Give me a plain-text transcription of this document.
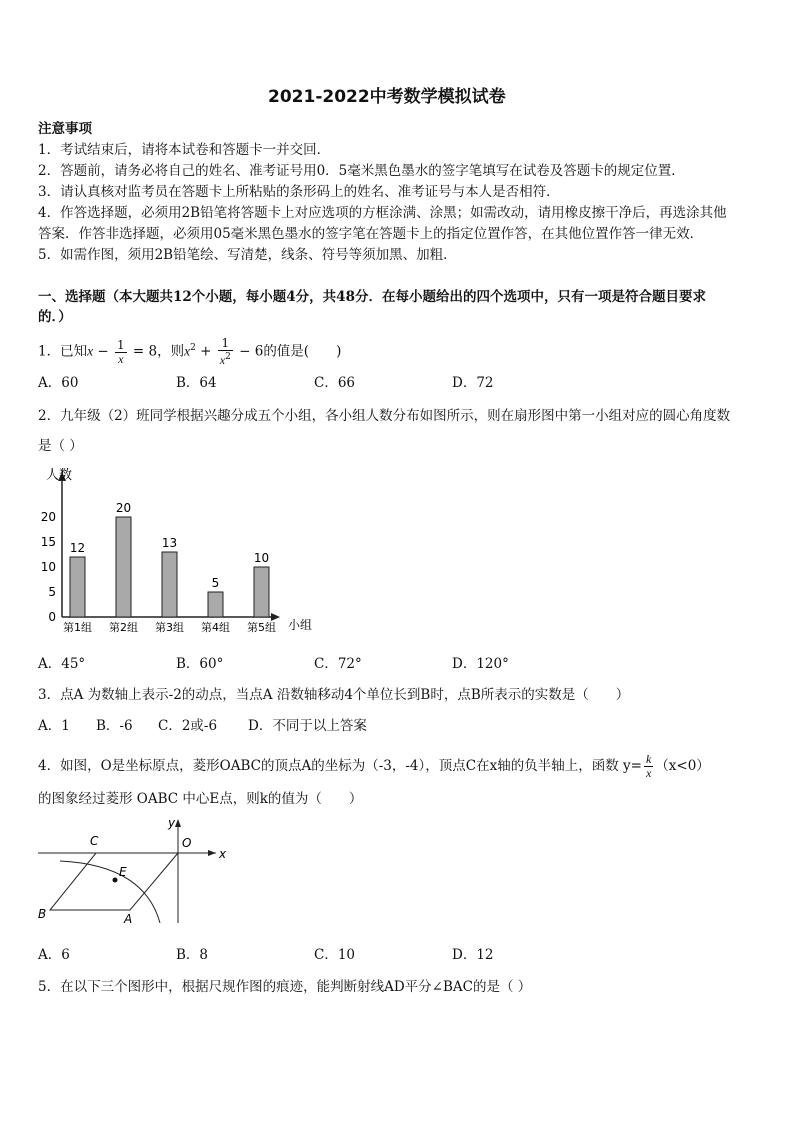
2021-2022中考数学模拟试卷
注意事项
1．考试结束后，请将本试卷和答题卡一并交回．
2．答题前，请务必将自己的姓名、准考证号用0．5毫米黑色墨水的签字笔填写在试卷及答题卡的规定位置．
3．请认真核对监考员在答题卡上所粘贴的条形码上的姓名、准考证号与本人是否相符．
4．作答选择题，必须用2B铅笔将答题卡上对应选项的方框涂满、涂黑；如需改动，请用橡皮擦干净后，再选涂其他
答案．作答非选择题，必须用05毫米黑色墨水的签字笔在答题卡上的指定位置作答，在其他位置作答一律无效．
5．如需作图，须用2B铅笔绘、写清楚，线条、符号等须加黑、加粗．
一、选择题（本大题共12个小题，每小题4分，共48分．在每小题给出的四个选项中，只有一项是符合题目要求
的．）
1．已知$x - \frac{1}{x} = 8$，则$x^2 + \frac{1}{x^2} - 6$的值是(　　)
A．60	B．64	C．66	D．72
2．九年级（2）班同学根据兴趣分成五个小组，各小组人数分布如图所示，则在扇形图中第一小组对应的圆心角度数
是（ ）
人数
小组
0
5
10
15
20
12
第1组
20
第2组
13
第3组
5
第4组
10
第5组
A．45°	B．60°	C．72°	D．120°
3．点A 为数轴上表示-2的动点，当点A 沿数轴移动4个单位长到B时，点B所表示的实数是（　　）
A．1 B．-6 C．2或-6 D．不同于以上答案
4．如图，O是坐标原点，菱形OABC的顶点A的坐标为（-3，-4），顶点C在x轴的负半轴上，函数 $y= \frac{k}{x} (x<0)$
的图象经过菱形 OABC 中心E点，则k的值为（　　）
C	O
x
y
E
B	A
A．6	B．8	C．10	D．12
5．在以下三个图形中，根据尺规作图的痕迹，能判断射线AD平分∠BAC的是（ ）
